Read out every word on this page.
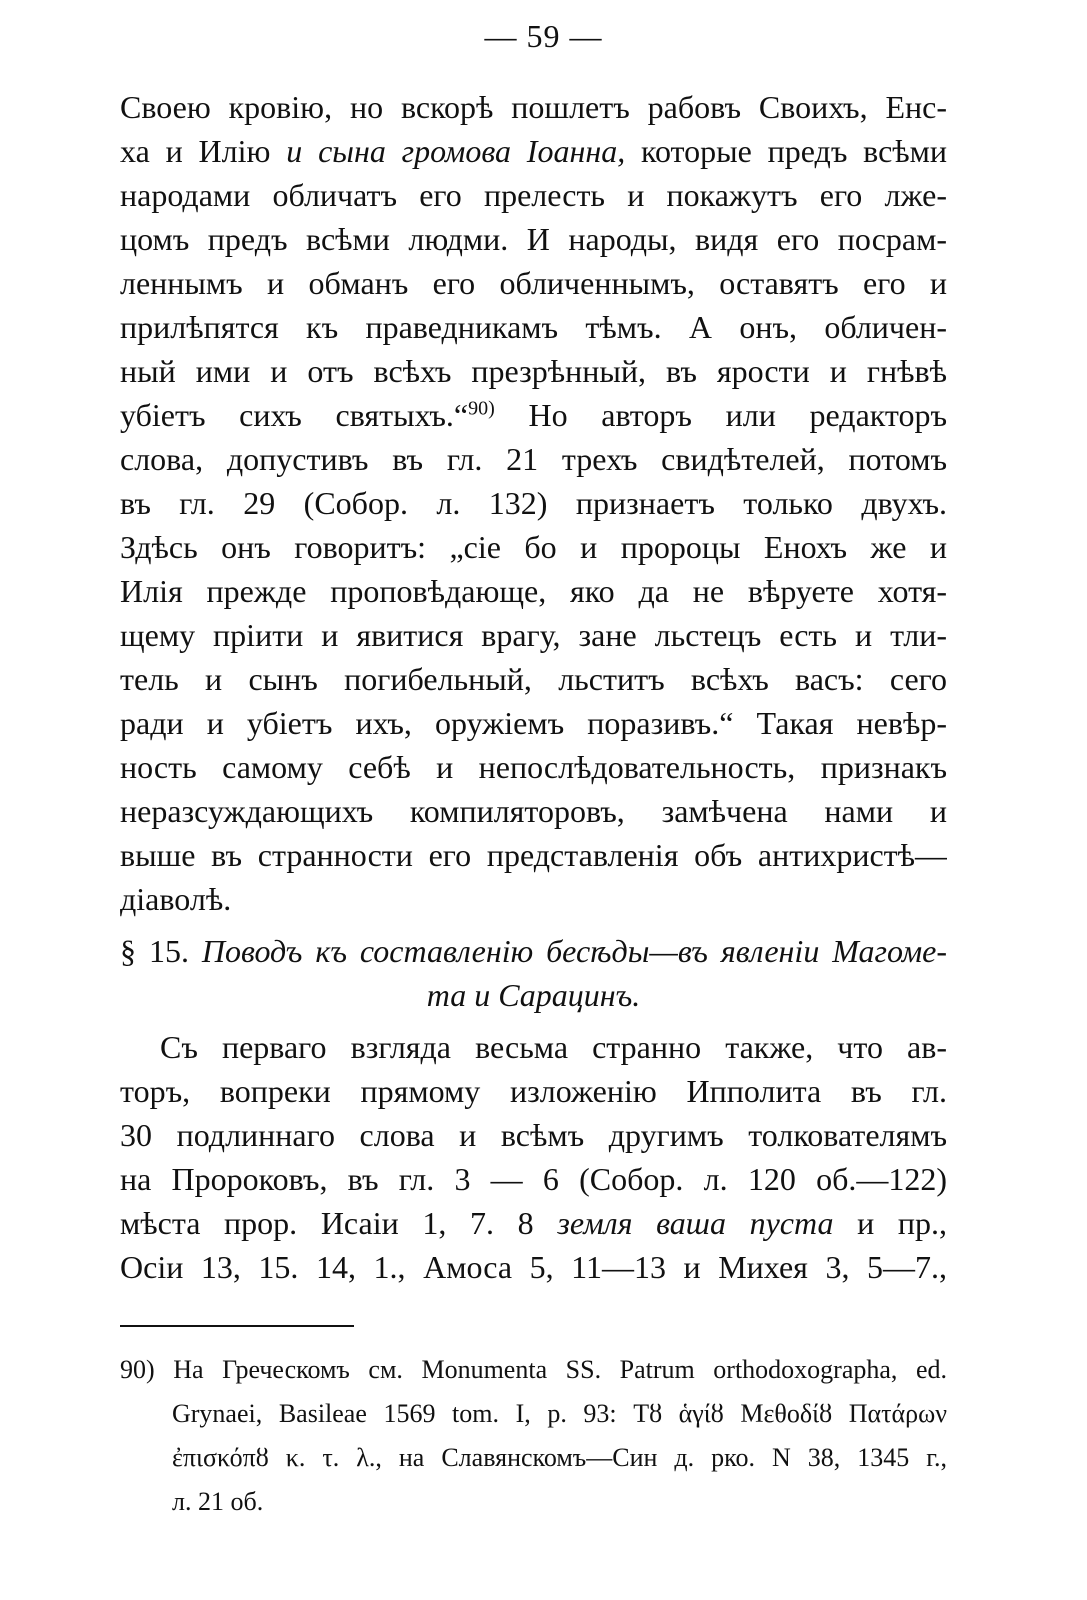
— 59 —
Своею кровiю, но вскорѣ пошлетъ рабовъ Своихъ, Енс-
ха и Илiю и сына громова Iоанна, которые предъ всѣми
народами обличатъ его прелесть и покажутъ его лже-
цомъ предъ всѣми людми. И народы, видя его посрам-
леннымъ и обманъ его обличеннымъ, оставятъ его и
прилѣпятся къ праведникамъ тѣмъ. А онъ, обличен-
ный ими и отъ всѣхъ презрѣнный, въ ярости и гнѣвѣ
убiетъ сихъ святыхъ.“$^{90)}$ Но авторъ или редакторъ
слова, допустивъ въ гл. 21 трехъ свидѣтелей, потомъ
въ гл. 29 (Собор. л. 132) признаетъ только двухъ.
Здѣсь онъ говоритъ: „сiе бо и пророцы Енохъ же и
Илiя прежде проповѣдающе, яко да не вѣруете хотя-
щему прiити и явитися врагу, зане льстецъ есть и тли-
тель и сынъ погибельный, льститъ всѣхъ васъ: сего
ради и убiетъ ихъ, оружiемъ поразивъ.“ Такая невѣр-
ность самому себѣ и непослѣдовательность, признакъ
неразсуждающихъ компиляторовъ, замѣчена нами и
выше въ странности его представленiя объ антихристѣ—
дiаволѣ.
§ 15. Поводъ къ составленiю бесѣды—въ явленiи Магоме-
та и Сарацинъ.
Съ перваго взгляда весьма странно также, что ав-
торъ, вопреки прямому изложенiю Ипполита въ гл.
30 подлиннаго слова и всѣмъ другимъ толкователямъ
на Пророковъ, въ гл. 3 — 6 (Собор. л. 120 об.—122)
мѣста прор. Исаiи 1, 7. 8 земля ваша пуста и пр.,
Осiи 13, 15. 14, 1., Амоса 5, 11—13 и Михея 3, 5—7.,
90) На Греческомъ см. Monumenta SS. Patrum orthodoxographa, ed.
Grynaei, Basileae 1569 tom. I, p. 93: Τȣ ἁγίȣ Μεθοδίȣ Πατάρων
ἐπισκόπȣ κ. τ. λ., на Славянскомъ—Син д. рко. N 38, 1345 г.,
л. 21 об.
